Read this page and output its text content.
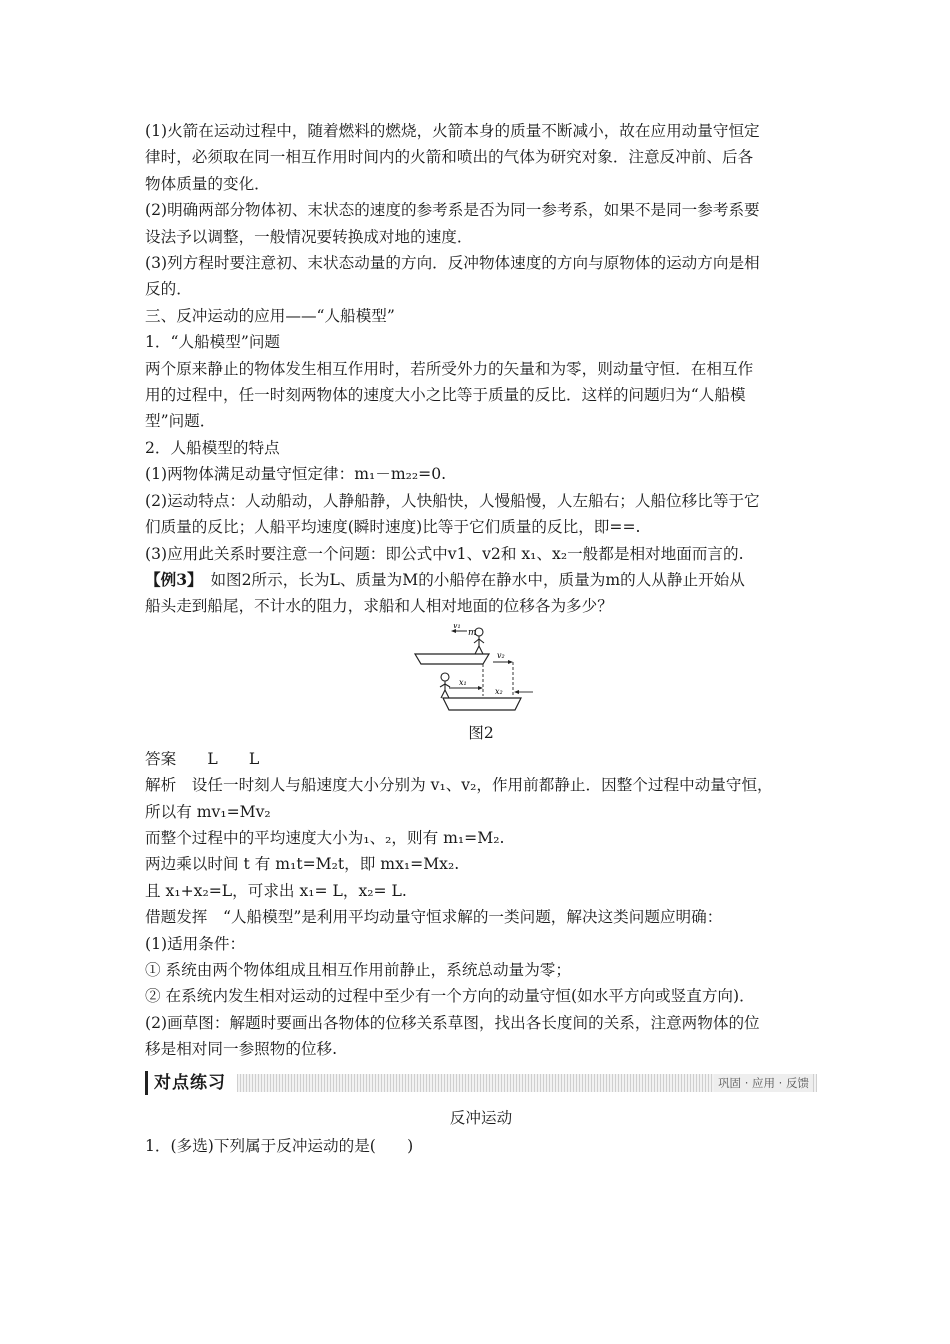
(1)火箭在运动过程中，随着燃料的燃烧，火箭本身的质量不断减小，故在应用动量守恒定
律时，必须取在同一相互作用时间内的火箭和喷出的气体为研究对象．注意反冲前、后各
物体质量的变化．
(2)明确两部分物体初、末状态的速度的参考系是否为同一参考系，如果不是同一参考系要
设法予以调整，一般情况要转换成对地的速度．
(3)列方程时要注意初、末状态动量的方向．反冲物体速度的方向与原物体的运动方向是相
反的．
三、反冲运动的应用——“人船模型”
1．“人船模型”问题
两个原来静止的物体发生相互作用时，若所受外力的矢量和为零，则动量守恒．在相互作
用的过程中，任一时刻两物体的速度大小之比等于质量的反比．这样的问题归为“人船模
型”问题．
2．人船模型的特点
(1)两物体满足动量守恒定律：m₁－m₂₂=0.
(2)运动特点：人动船动，人静船静，人快船快，人慢船慢，人左船右；人船位移比等于它
们质量的反比；人船平均速度(瞬时速度)比等于它们质量的反比，即==.
(3)应用此关系时要注意一个问题：即公式中v1、v2和 x₁、x₂一般都是相对地面而言的.
【例3】　如图2所示，长为L、质量为M的小船停在静水中，质量为m的人从静止开始从
船头走到船尾，不计水的阻力，求船和人相对地面的位移各为多少？
v₁
m
v₂
x₁
x₂
图2
答案　　L　　L
解析　设任一时刻人与船速度大小分别为 v₁、v₂，作用前都静止．因整个过程中动量守恒，
所以有 mv₁=Mv₂
而整个过程中的平均速度大小为₁、₂，则有 m₁=M₂.
两边乘以时间 t 有 m₁t=M₂t，即 mx₁=Mx₂.
且 x₁+x₂=L，可求出 x₁= L，x₂= L.
借题发挥　“人船模型”是利用平均动量守恒求解的一类问题，解决这类问题应明确：
(1)适用条件：
① 系统由两个物体组成且相互作用前静止，系统总动量为零；
② 在系统内发生相对运动的过程中至少有一个方向的动量守恒(如水平方向或竖直方向)．
(2)画草图：解题时要画出各物体的位移关系草图，找出各长度间的关系，注意两物体的位
移是相对同一参照物的位移.
对点练习	巩固 · 应用 · 反馈
反冲运动
1．(多选)下列属于反冲运动的是(　　)
